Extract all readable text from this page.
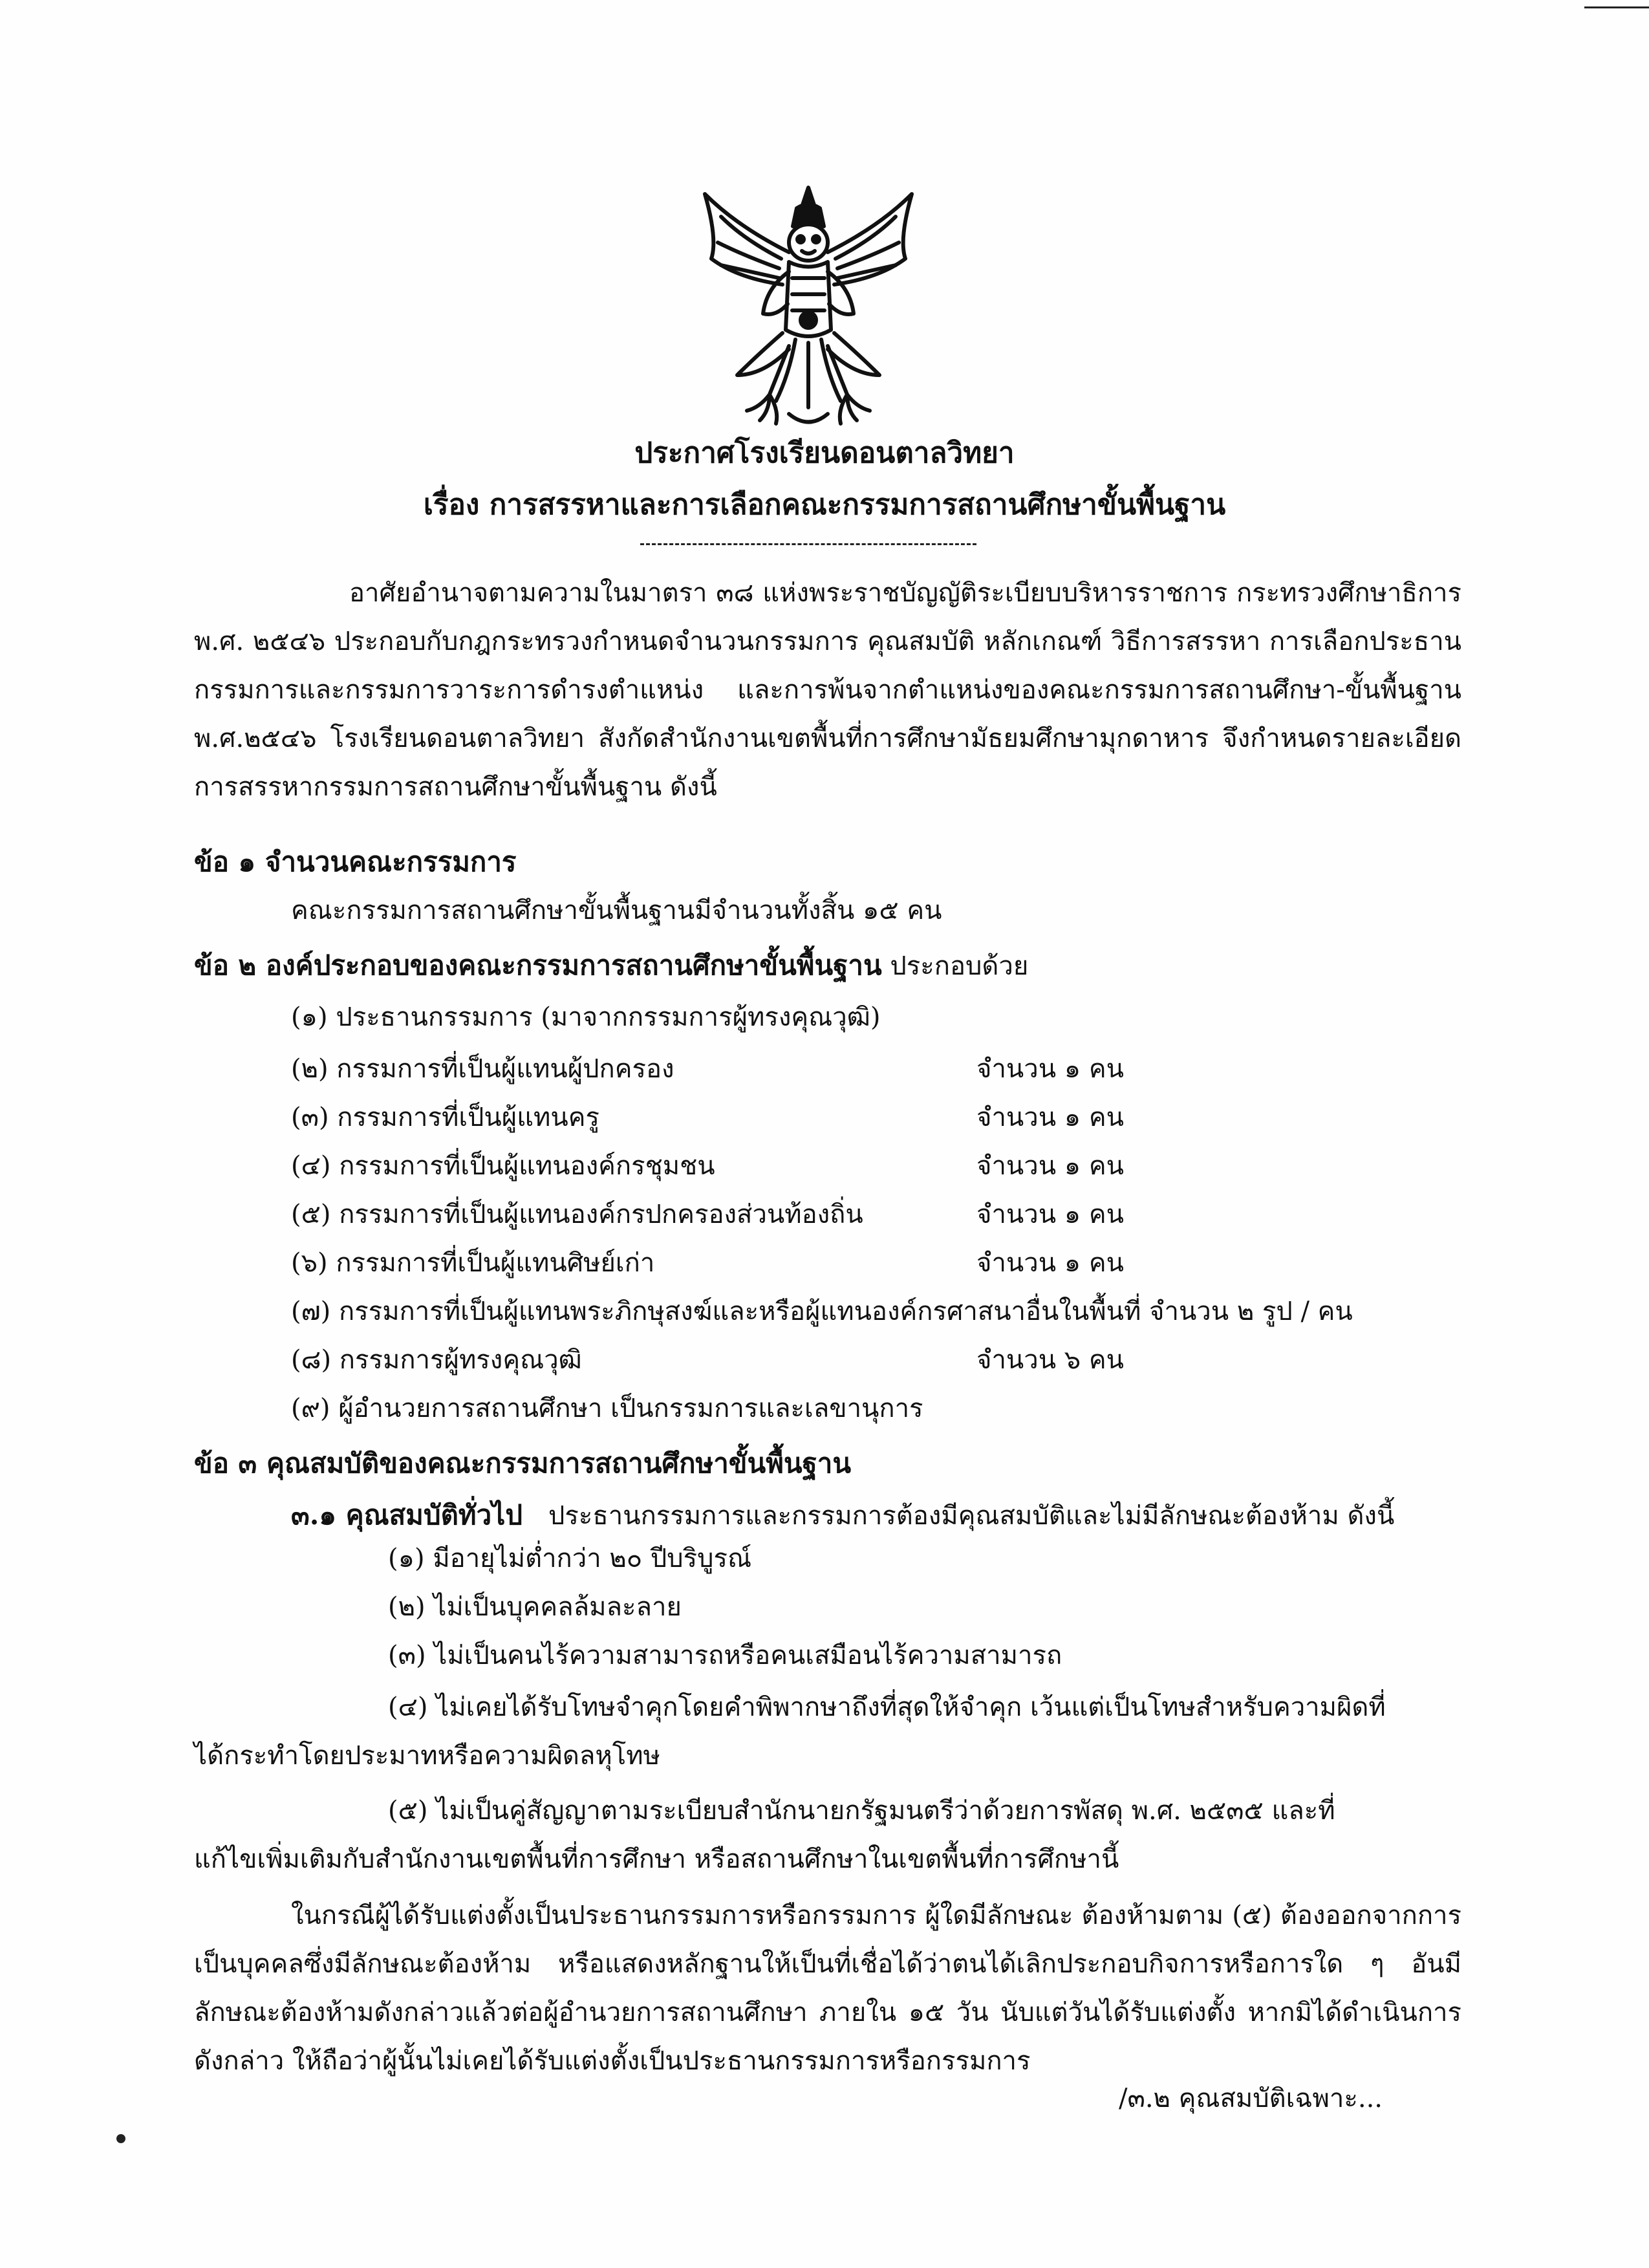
ประกาศโรงเรียนดอนตาลวิทยา
เรื่อง การสรรหาและการเลือกคณะกรรมการสถานศึกษาขั้นพื้นฐาน
อาศัยอำนาจตามความในมาตรา ๓๘ แห่งพระราชบัญญัติระเบียบบริหารราชการ กระทรวงศึกษาธิการ พ.ศ. ๒๕๔๖ ประกอบกับกฎกระทรวงกำหนดจำนวนกรรมการ คุณสมบัติ หลักเกณฑ์ วิธีการสรรหา การเลือกประธานกรรมการและกรรมการวาระการดำรงตำแหน่ง และการพ้นจากตำแหน่งของคณะกรรมการสถานศึกษา-ขั้นพื้นฐาน พ.ศ.๒๕๔๖ โรงเรียนดอนตาลวิทยา สังกัดสำนักงานเขตพื้นที่การศึกษามัธยมศึกษามุกดาหาร จึงกำหนดรายละเอียดการสรรหากรรมการสถานศึกษาขั้นพื้นฐาน ดังนี้
ข้อ ๑ จำนวนคณะกรรมการ
คณะกรรมการสถานศึกษาขั้นพื้นฐานมีจำนวนทั้งสิ้น ๑๕ คน
ข้อ ๒ องค์ประกอบของคณะกรรมการสถานศึกษาขั้นพื้นฐาน ประกอบด้วย
(๑) ประธานกรรมการ (มาจากกรรมการผู้ทรงคุณวุฒิ)
(๒) กรรมการที่เป็นผู้แทนผู้ปกครอง	จำนวน ๑ คน
(๓) กรรมการที่เป็นผู้แทนครู	จำนวน ๑ คน
(๔) กรรมการที่เป็นผู้แทนองค์กรชุมชน	จำนวน ๑ คน
(๕) กรรมการที่เป็นผู้แทนองค์กรปกครองส่วนท้องถิ่น	จำนวน ๑ คน
(๖) กรรมการที่เป็นผู้แทนศิษย์เก่า	จำนวน ๑ คน
(๗) กรรมการที่เป็นผู้แทนพระภิกษุสงฆ์และหรือผู้แทนองค์กรศาสนาอื่นในพื้นที่ จำนวน ๒ รูป / คน
(๘) กรรมการผู้ทรงคุณวุฒิ	จำนวน ๖ คน
(๙) ผู้อำนวยการสถานศึกษา เป็นกรรมการและเลขานุการ
ข้อ ๓ คุณสมบัติของคณะกรรมการสถานศึกษาขั้นพื้นฐาน
๓.๑ คุณสมบัติทั่วไป ประธานกรรมการและกรรมการต้องมีคุณสมบัติและไม่มีลักษณะต้องห้าม ดังนี้
(๑) มีอายุไม่ต่ำกว่า ๒๐ ปีบริบูรณ์
(๒) ไม่เป็นบุคคลล้มละลาย
(๓) ไม่เป็นคนไร้ความสามารถหรือคนเสมือนไร้ความสามารถ
(๔) ไม่เคยได้รับโทษจำคุกโดยคำพิพากษาถึงที่สุดให้จำคุก เว้นแต่เป็นโทษสำหรับความผิดที่
ได้กระทำโดยประมาทหรือความผิดลหุโทษ
(๕) ไม่เป็นคู่สัญญาตามระเบียบสำนักนายกรัฐมนตรีว่าด้วยการพัสดุ พ.ศ. ๒๕๓๕ และที่
แก้ไขเพิ่มเติมกับสำนักงานเขตพื้นที่การศึกษา หรือสถานศึกษาในเขตพื้นที่การศึกษานี้
ในกรณีผู้ได้รับแต่งตั้งเป็นประธานกรรมการหรือกรรมการ ผู้ใดมีลักษณะ ต้องห้ามตาม (๕) ต้องออกจากการเป็นบุคคลซึ่งมีลักษณะต้องห้าม หรือแสดงหลักฐานให้เป็นที่เชื่อได้ว่าตนได้เลิกประกอบกิจการหรือการใด ๆ อันมีลักษณะต้องห้ามดังกล่าวแล้วต่อผู้อำนวยการสถานศึกษา ภายใน ๑๕ วัน นับแต่วันได้รับแต่งตั้ง หากมิได้ดำเนินการดังกล่าว ให้ถือว่าผู้นั้นไม่เคยได้รับแต่งตั้งเป็นประธานกรรมการหรือกรรมการ
/๓.๒ คุณสมบัติเฉพาะ...
